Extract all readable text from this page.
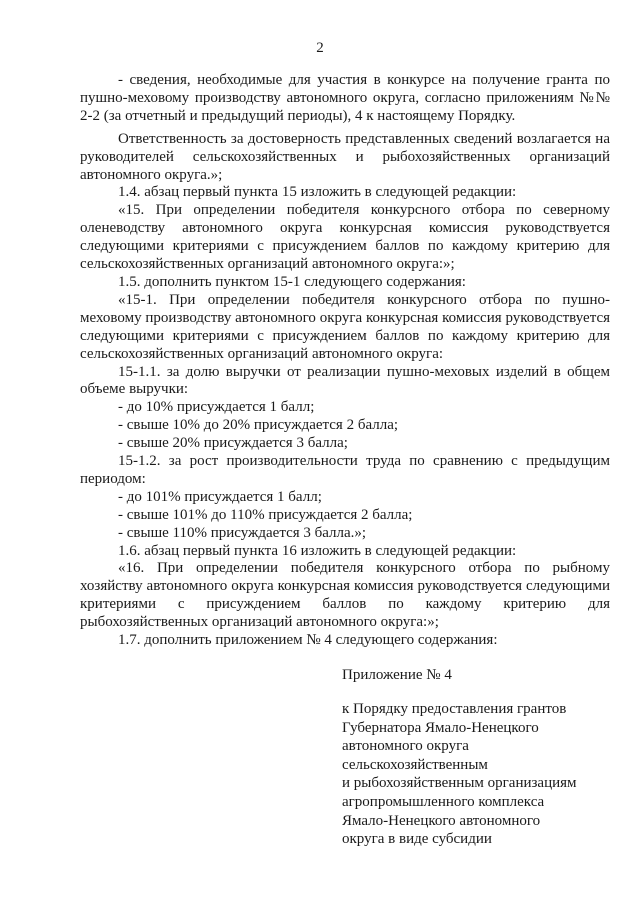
2

- сведения, необходимые для участия в конкурсе на получение гранта по пушно-меховому производству автономного округа, согласно приложениям №№ 2-2 (за отчетный и предыдущий периоды), 4 к настоящему Порядку.

Ответственность за достоверность представленных сведений возлагается на руководителей сельскохозяйственных и рыбохозяйственных организаций автономного округа.»;

1.4. абзац первый пункта 15 изложить в следующей редакции:

«15. При определении победителя конкурсного отбора по северному оленеводству автономного округа конкурсная комиссия руководствуется следующими критериями с присуждением баллов по каждому критерию для сельскохозяйственных организаций автономного округа:»;

1.5. дополнить пунктом 15-1 следующего содержания:

«15-1. При определении победителя конкурсного отбора по пушно-меховому производству автономного округа конкурсная комиссия руководствуется следующими критериями с присуждением баллов по каждому критерию для сельскохозяйственных организаций автономного округа:

15-1.1. за долю выручки от реализации пушно-меховых изделий в общем объеме выручки:

- до 10% присуждается 1 балл;

- свыше 10% до 20% присуждается 2 балла;

- свыше 20% присуждается 3 балла;

15-1.2. за рост производительности труда по сравнению с предыдущим периодом:

- до 101% присуждается 1 балл;

- свыше 101% до 110% присуждается 2 балла;

- свыше 110% присуждается 3 балла.»;

1.6. абзац первый пункта 16 изложить в следующей редакции:

«16. При определении победителя конкурсного отбора по рыбному хозяйству автономного округа конкурсная комиссия руководствуется следующими критериями с присуждением баллов по каждому критерию для рыбохозяйственных организаций автономного округа:»;

1.7. дополнить приложением № 4 следующего содержания:

Приложение № 4
к Порядку предоставления грантов
Губернатора Ямало-Ненецкого
автономного округа
сельскохозяйственным
и рыбохозяйственным организациям
агропромышленного комплекса
Ямало-Ненецкого автономного
округа в виде субсидии
